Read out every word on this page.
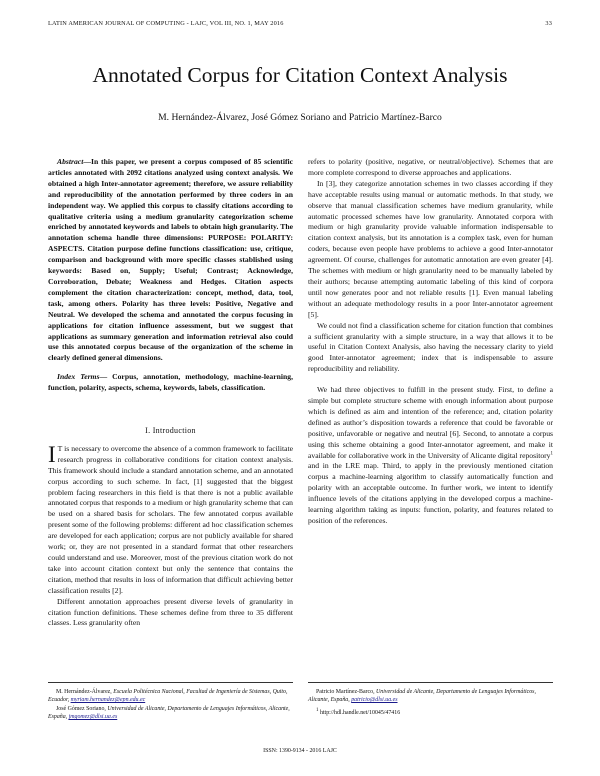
LATIN AMERICAN JOURNAL OF COMPUTING - LAJC, VOL III, NO. 1, MAY 2016	33
Annotated Corpus for Citation Context Analysis
M. Hernández-Álvarez, José Gómez Soriano and Patricio Martínez-Barco

Abstract—In this paper, we present a corpus composed of 85 scientific articles annotated with 2092 citations analyzed using context analysis. We obtained a high Inter-annotator agreement; therefore, we assure reliability and reproducibility of the annotation performed by three coders in an independent way. We applied this corpus to classify citations according to qualitative criteria using a medium granularity categorization scheme enriched by annotated keywords and labels to obtain high granularity. The annotation schema handle three dimensions: PURPOSE: POLARITY: ASPECTS. Citation purpose define functions classification: use, critique, comparison and background with more specific classes stablished using keywords: Based on, Supply; Useful; Contrast; Acknowledge, Corroboration, Debate; Weakness and Hedges. Citation aspects complement the citation characterization: concept, method, data, tool, task, among others. Polarity has three levels: Positive, Negative and Neutral. We developed the schema and annotated the corpus focusing in applications for citation influence assessment, but we suggest that applications as summary generation and information retrieval also could use this annotated corpus because of the organization of the scheme in clearly defined general dimensions.

Index Terms— Corpus, annotation, methodology, machine-learning, function, polarity, aspects, schema, keywords, labels, classification.

I. Introduction

I T is necessary to overcome the absence of a common framework to facilitate research progress in collaborative conditions for citation context analysis. This framework should include a standard annotation scheme, and an annotated corpus according to such scheme. In fact, [1] suggested that the biggest problem facing researchers in this field is that there is not a public available annotated corpus that responds to a medium or high granularity scheme that can be used on a shared basis for scholars. The few annotated corpus available present some of the following problems: different ad hoc classification schemes are developed for each application; corpus are not publicly available for shared work; or, they are not presented in a standard format that other researchers could understand and use. Moreover, most of the previous citation work do not take into account citation context but only the sentence that contains the citation, method that results in loss of information that difficult achieving better classification results [2].

Different annotation approaches present diverse levels of granularity in citation function definitions. These schemes define from three to 35 different classes. Less granularity often

refers to polarity (positive, negative, or neutral/objective). Schemes that are more complete correspond to diverse approaches and applications.

In [3], they categorize annotation schemes in two classes according if they have acceptable results using manual or automatic methods. In that study, we observe that manual classification schemes have medium granularity, while automatic processed schemes have low granularity. Annotated corpora with medium or high granularity provide valuable information indispensable to citation context analysis, but its annotation is a complex task, even for human coders, because even people have problems to achieve a good Inter-annotator agreement. Of course, challenges for automatic annotation are even greater [4]. The schemes with medium or high granularity need to be manually labeled by their authors; because attempting automatic labeling of this kind of corpora until now generates poor and not reliable results [1]. Even manual labeling without an adequate methodology results in a poor Inter-annotator agreement [5].

We could not find a classification scheme for citation function that combines a sufficient granularity with a simple structure, in a way that allows it to be useful in Citation Context Analysis, also having the necessary clarity to yield good Inter-annotator agreement; index that is indispensable to assure reproducibility and reliability.

We had three objectives to fulfill in the present study. First, to define a simple but complete structure scheme with enough information about purpose which is defined as aim and intention of the reference; and, citation polarity defined as author’s disposition towards a reference that could be favorable or positive, unfavorable or negative and neutral [6]. Second, to annotate a corpus using this scheme obtaining a good Inter-annotator agreement, and make it available for collaborative work in the University of Alicante digital repository$^1$ and in the LRE map. Third, to apply in the previously mentioned citation corpus a machine-learning algorithm to classify automatically function and polarity with an acceptable outcome. In further work, we intent to identify influence levels of the citations applying in the developed corpus a machine-learning algorithm taking as inputs: function, polarity, and features related to position of the references.

M. Hernández-Álvarez, Escuela Politécnica Nacional, Facultad de Ingeniería de Sistemas, Quito, Ecuador, myriam.hernandez@epn.edu.ec

José Gómez Soriano, Universidad de Alicante, Departamento de Lenguajes Informáticos, Alicante, España, jmgomez@dlsi.ua.es

Patricio Martínez-Barco, Universidad de Alicante, Departamento de Lenguajes Informáticos, Alicante, España, patricio@dlsi.ua.es

$^1$ http://hdl.handle.net/10045/47416

ISSN: 1390-9134 - 2016 LAJC
